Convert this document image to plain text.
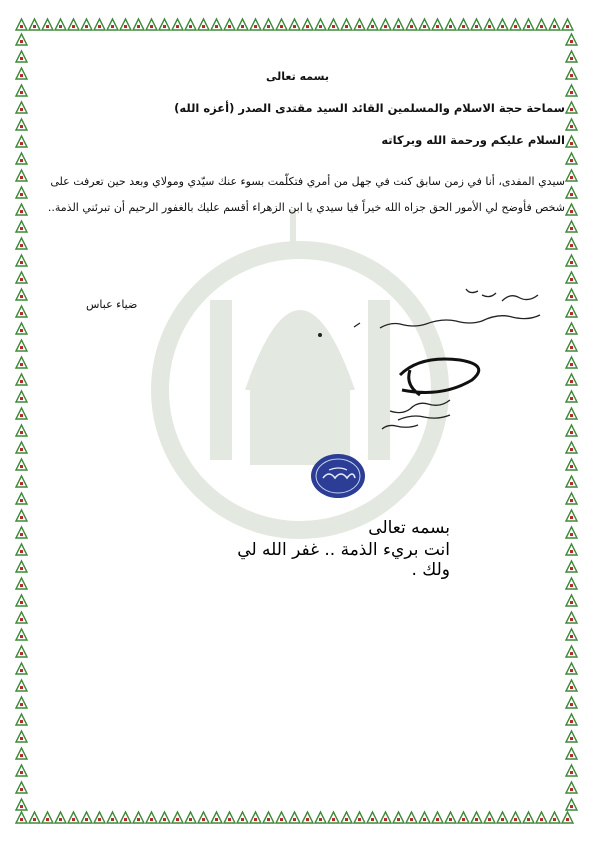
بسمه تعالى

سماحة حجة الاسلام والمسلمين القائد السيد مقتدى الصدر (أعزه الله)

السلام عليكم ورحمة الله وبركاته

سيدي المفدى، أنا في زمن سابق كنت في جهل من أمري فتكلّمت بسوء عنك سيّدي ومولاي وبعد حين تعرفت على شخص فأوضح لي الأمور الحق جزاه الله خيراً فيا سيدي يا ابن الزهراء أقسم عليك بالغفور الرحيم أن تبرئني الذمة..

ضياء عباس

بسمه تعالى

انت بريء الذمة .. غفر الله لي ولك .
